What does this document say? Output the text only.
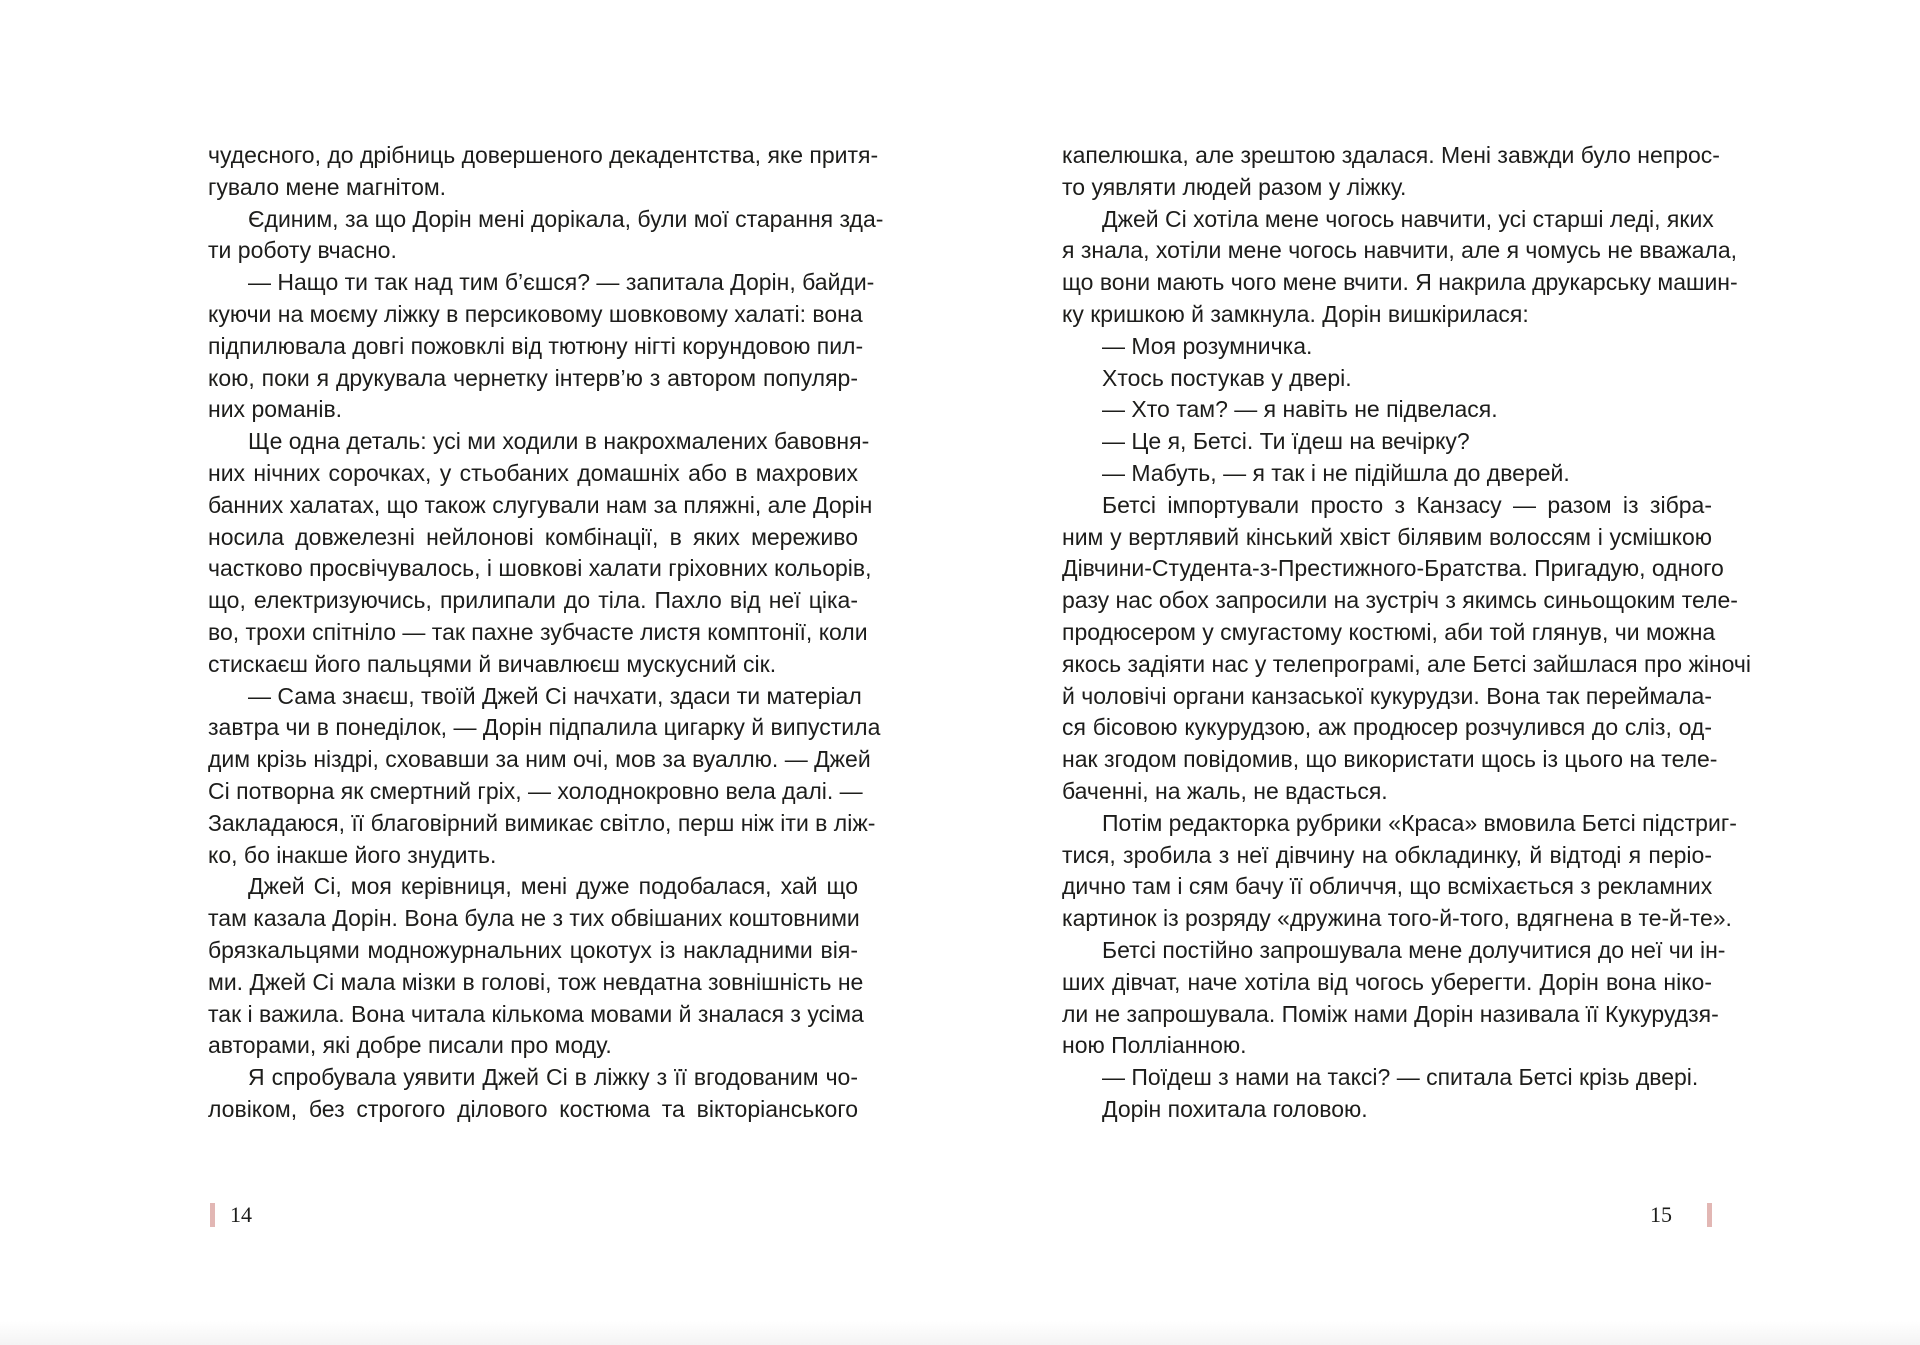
чудесного, до дрібниць довершеного декадентства, яке притя-
гувало мене магнітом.
Єдиним, за що Дорін мені дорікала, були мої старання зда-
ти роботу вчасно.
— Нащо ти так над тим б’єшся? — запитала Дорін, байди-
куючи на моєму ліжку в персиковому шовковому халаті: вона
підпилювала довгі пожовклі від тютюну нігті корундовою пил-
кою, поки я друкувала чернетку інтерв’ю з автором популяр-
них романів.
Ще одна деталь: усі ми ходили в накрохмалених бавовня-
них нічних сорочках, у стьобаних домашніх або в махрових
банних халатах, що також слугували нам за пляжні, але Дорін
носила довжелезні нейлонові комбінації, в яких мереживо
частково просвічувалось, і шовкові халати гріховних кольорів,
що, електризуючись, прилипали до тіла. Пахло від неї ціка-
во, трохи спітніло — так пахне зубчасте листя комптонії, коли
стискаєш його пальцями й вичавлюєш мускусний сік.
— Сама знаєш, твоїй Джей Сі начхати, здаси ти матеріал
завтра чи в понеділок, — Дорін підпалила цигарку й випустила
дим крізь ніздрі, сховавши за ним очі, мов за вуаллю. — Джей
Сі потворна як смертний гріх, — холоднокровно вела далі. —
Закладаюся, її благовірний вимикає світло, перш ніж іти в ліж-
ко, бо інакше його знудить.
Джей Сі, моя керівниця, мені дуже подобалася, хай що
там казала Дорін. Вона була не з тих обвішаних коштовними
брязкальцями модножурнальних цокотух із накладними вія-
ми. Джей Сі мала мізки в голові, тож невдатна зовнішність не
так і важила. Вона читала кількома мовами й зналася з усіма
авторами, які добре писали про моду.
Я спробувала уявити Джей Сі в ліжку з її вгодованим чо-
ловіком, без строгого ділового костюма та вікторіанського
капелюшка, але зрештою здалася. Мені завжди було непрос-
то уявляти людей разом у ліжку.
Джей Сі хотіла мене чогось навчити, усі старші леді, яких
я знала, хотіли мене чогось навчити, але я чомусь не вважала,
що вони мають чого мене вчити. Я накрила друкарську машин-
ку кришкою й замкнула. Дорін вишкірилася:
— Моя розумничка.
Хтось постукав у двері.
— Хто там? — я навіть не підвелася.
— Це я, Бетсі. Ти їдеш на вечірку?
— Мабуть, — я так і не підійшла до дверей.
Бетсі імпортували просто з Канзасу — разом із зібра-
ним у вертлявий кінський хвіст білявим волоссям і усмішкою
Дівчини-Студента-з-Престижного-Братства. Пригадую, одного
разу нас обох запросили на зустріч з якимсь синьощоким теле-
продюсером у смугастому костюмі, аби той глянув, чи можна
якось задіяти нас у телепрограмі, але Бетсі зайшлася про жіночі
й чоловічі органи канзаської кукурудзи. Вона так переймала-
ся бісовою кукурудзою, аж продюсер розчулився до сліз, од-
нак згодом повідомив, що використати щось із цього на теле-
баченні, на жаль, не вдасться.
Потім редакторка рубрики «Краса» вмовила Бетсі підстриг-
тися, зробила з неї дівчину на обкладинку, й відтоді я періо-
дично там і сям бачу її обличчя, що всміхається з рекламних
картинок із розряду «дружина того-й-того, вдягнена в те-й-те».
Бетсі постійно запрошувала мене долучитися до неї чи ін-
ших дівчат, наче хотіла від чогось уберегти. Дорін вона ніко-
ли не запрошувала. Поміж нами Дорін називала її Кукурудзя-
ною Полліанною.
— Поїдеш з нами на таксі? — спитала Бетсі крізь двері.
Дорін похитала головою.
14	15
